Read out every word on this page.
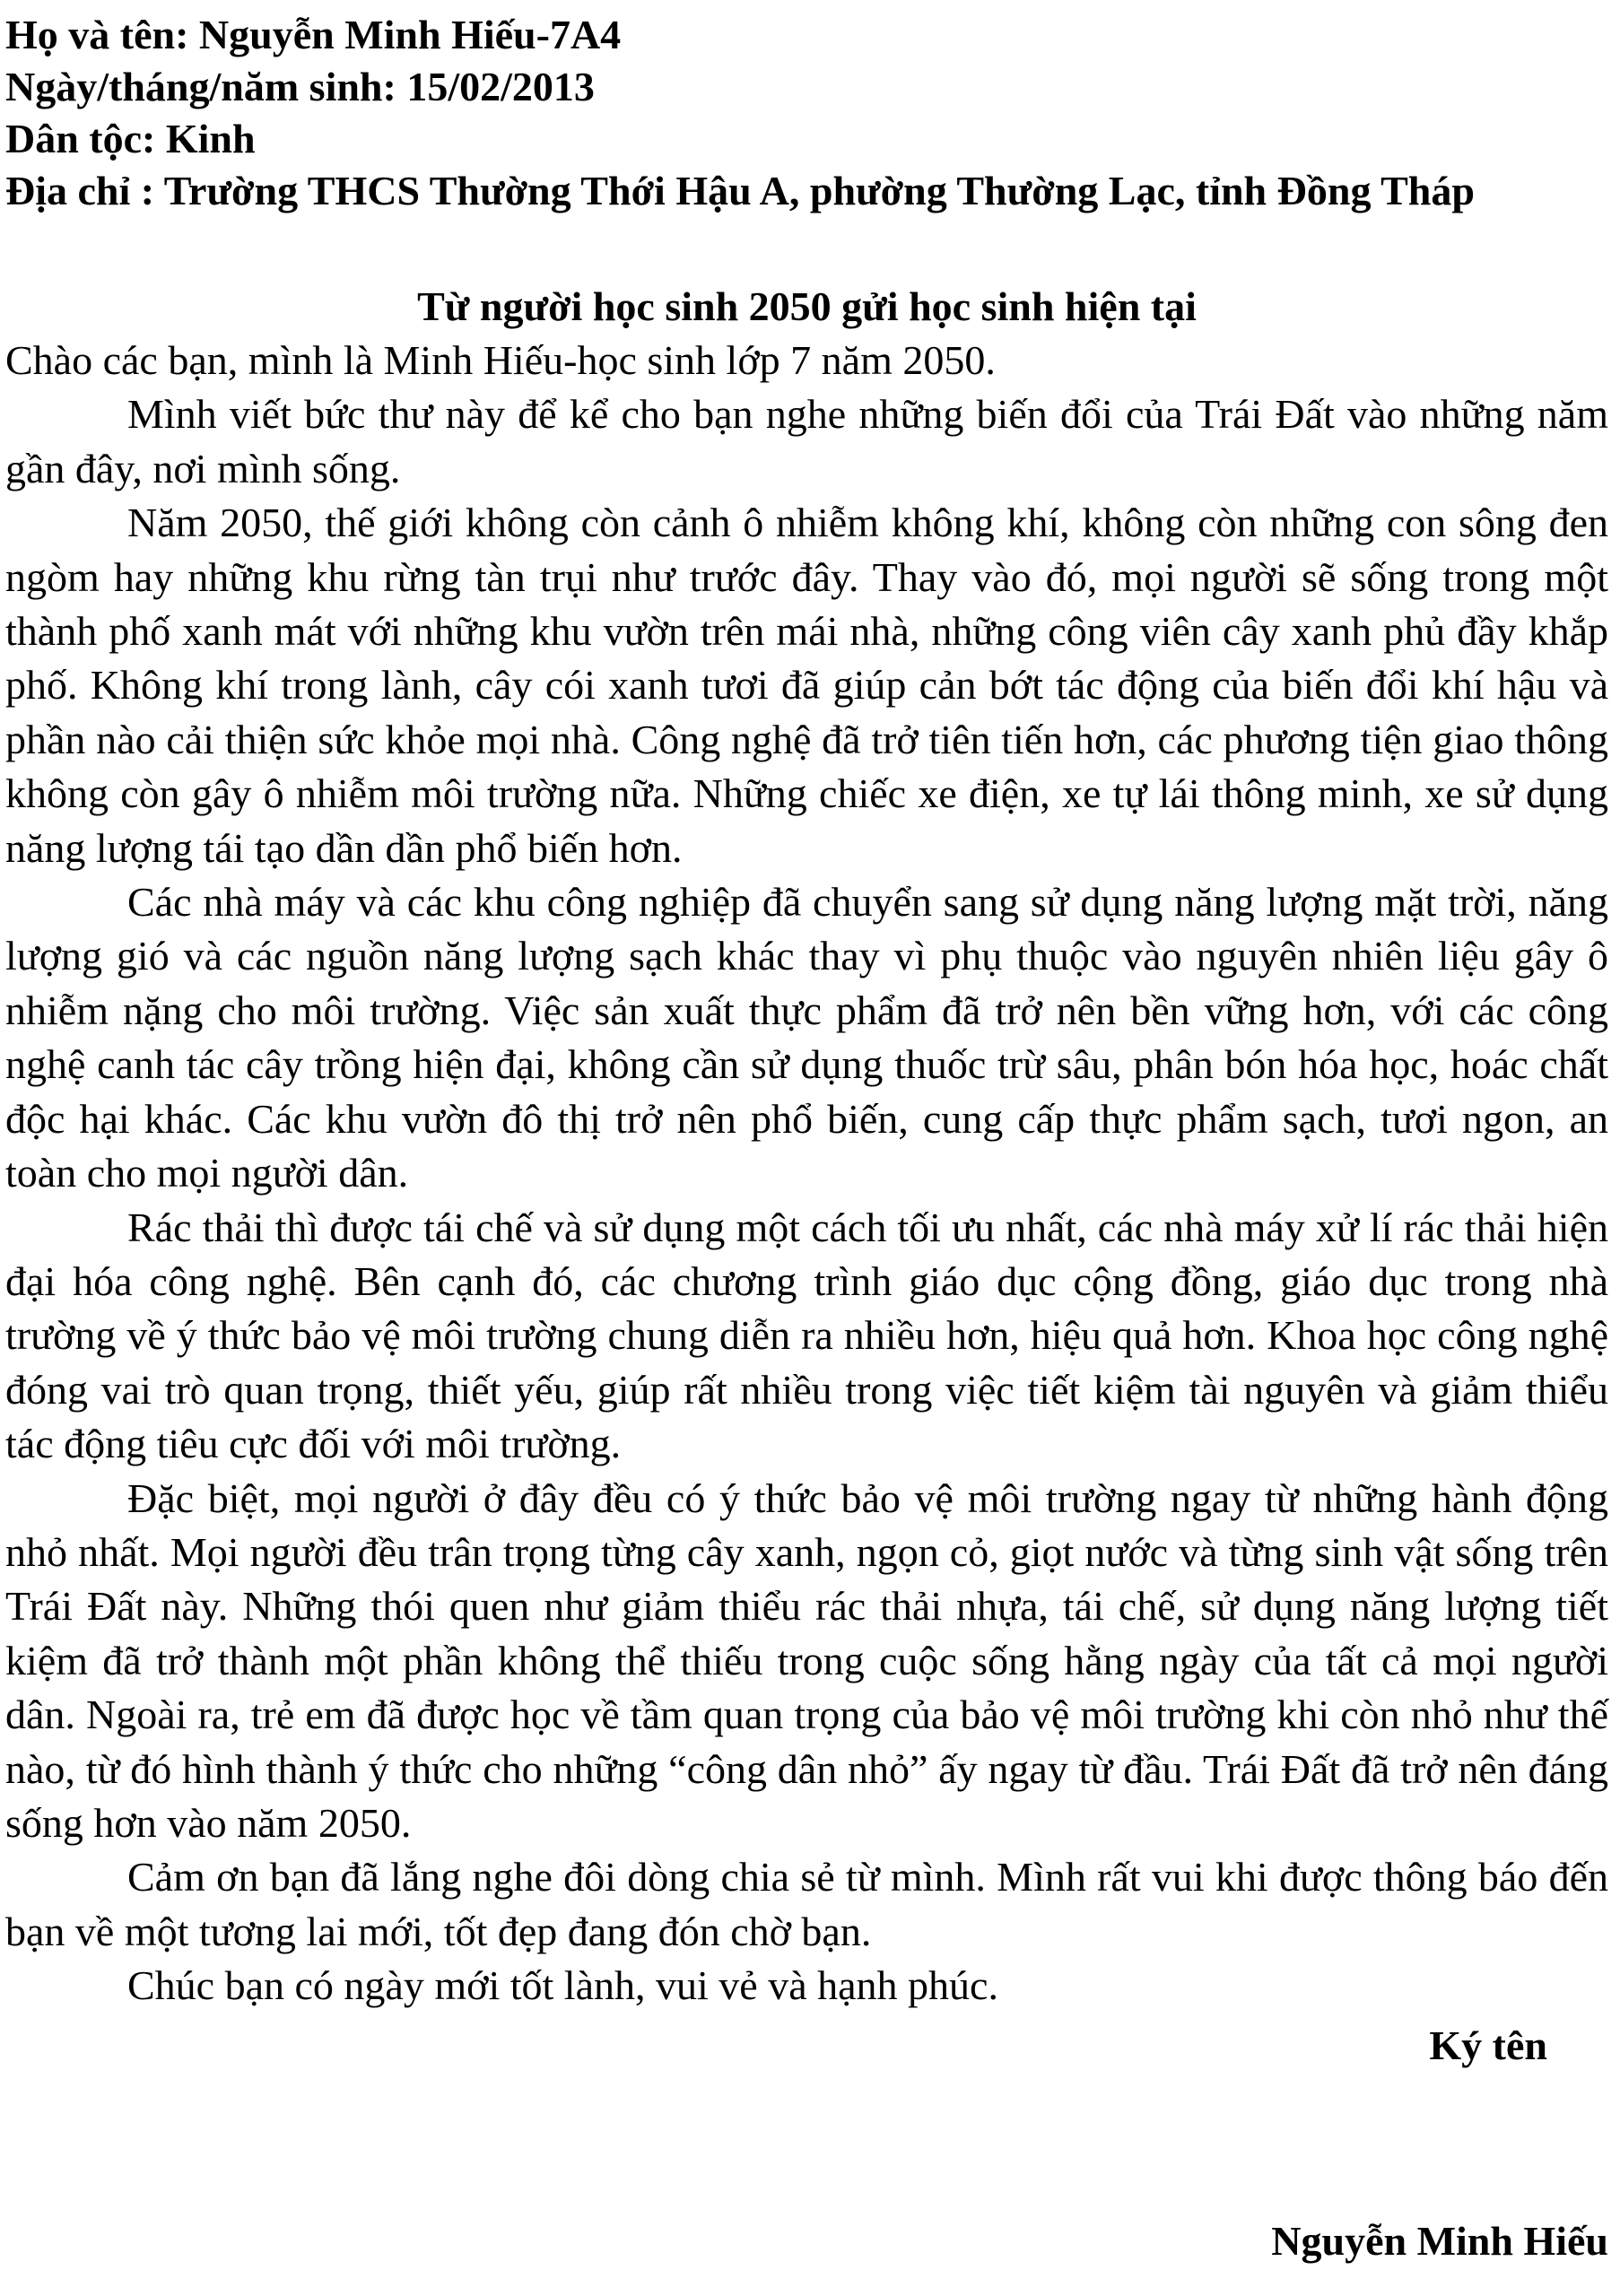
Họ và tên: Nguyễn Minh Hiếu-7A4

Ngày/tháng/năm sinh: 15/02/2013

Dân tộc: Kinh

Địa chỉ : Trường THCS Thường Thới Hậu A, phường Thường Lạc, tỉnh Đồng Tháp

Từ người học sinh 2050 gửi học sinh hiện tại

Chào các bạn, mình là Minh Hiếu-học sinh lớp 7 năm 2050.

Mình viết bức thư này để kể cho bạn nghe những biến đổi của Trái Đất vào những năm gần đây, nơi mình sống.

Năm 2050, thế giới không còn cảnh ô nhiễm không khí, không còn những con sông đen ngòm hay những khu rừng tàn trụi như trước đây. Thay vào đó, mọi người sẽ sống trong một thành phố xanh mát với những khu vườn trên mái nhà, những công viên cây xanh phủ đầy khắp phố. Không khí trong lành, cây cói xanh tươi đã giúp cản bớt tác động của biến đổi khí hậu và phần nào cải thiện sức khỏe mọi nhà. Công nghệ đã trở tiên tiến hơn, các phương tiện giao thông không còn gây ô nhiễm môi trường nữa. Những chiếc xe điện, xe tự lái thông minh, xe sử dụng năng lượng tái tạo dần dần phổ biến hơn.

Các nhà máy và các khu công nghiệp đã chuyển sang sử dụng năng lượng mặt trời, năng lượng gió và các nguồn năng lượng sạch khác thay vì phụ thuộc vào nguyên nhiên liệu gây ô nhiễm nặng cho môi trường. Việc sản xuất thực phẩm đã trở nên bền vững hơn, với các công nghệ canh tác cây trồng hiện đại, không cần sử dụng thuốc trừ sâu, phân bón hóa học, hoác chất độc hại khác. Các khu vườn đô thị trở nên phổ biến, cung cấp thực phẩm sạch, tươi ngon, an toàn cho mọi người dân.

Rác thải thì được tái chế và sử dụng một cách tối ưu nhất, các nhà máy xử lí rác thải hiện đại hóa công nghệ. Bên cạnh đó, các chương trình giáo dục cộng đồng, giáo dục trong nhà trường về ý thức bảo vệ môi trường chung diễn ra nhiều hơn, hiệu quả hơn. Khoa học công nghệ đóng vai trò quan trọng, thiết yếu, giúp rất nhiều trong việc tiết kiệm tài nguyên và giảm thiểu tác động tiêu cực đối với môi trường.

Đặc biệt, mọi người ở đây đều có ý thức bảo vệ môi trường ngay từ những hành động nhỏ nhất. Mọi người đều trân trọng từng cây xanh, ngọn cỏ, giọt nước và từng sinh vật sống trên Trái Đất này. Những thói quen như giảm thiểu rác thải nhựa, tái chế, sử dụng năng lượng tiết kiệm đã trở thành một phần không thể thiếu trong cuộc sống hằng ngày của tất cả mọi người dân. Ngoài ra, trẻ em đã được học về tầm quan trọng của bảo vệ môi trường khi còn nhỏ như thế nào, từ đó hình thành ý thức cho những “công dân nhỏ” ấy ngay từ đầu. Trái Đất đã trở nên đáng sống hơn vào năm 2050.

Cảm ơn bạn đã lắng nghe đôi dòng chia sẻ từ mình. Mình rất vui khi được thông báo đến bạn về một tương lai mới, tốt đẹp đang đón chờ bạn.

Chúc bạn có ngày mới tốt lành, vui vẻ và hạnh phúc.

Ký tên

Nguyễn Minh Hiếu
